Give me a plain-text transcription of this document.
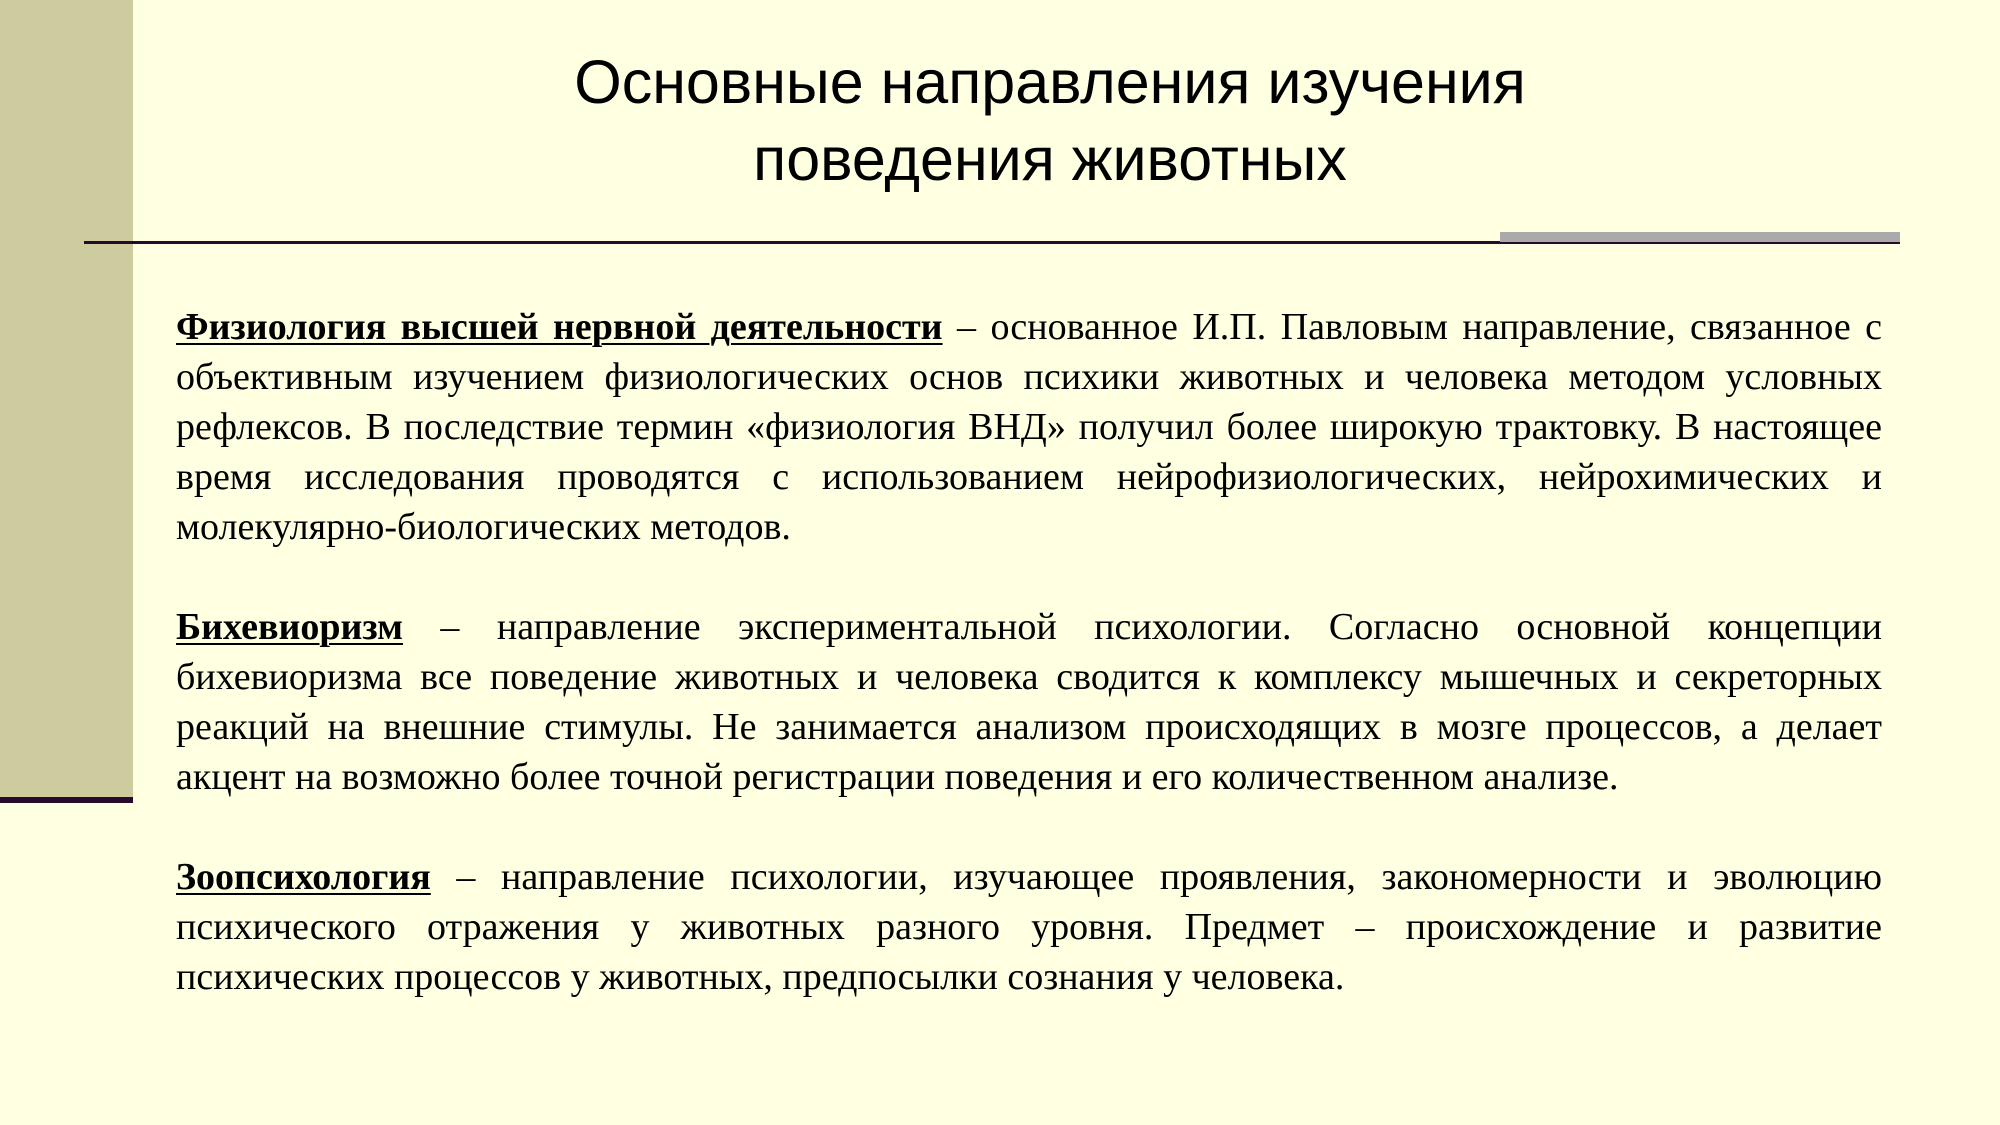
Основные направления изучения
поведения животных

Физиология высшей нервной деятельности – основанное И.П. Павловым направление, связанное с объективным изучением физиологических основ психики животных и человека методом условных рефлексов. В последствие термин «физиология ВНД» получил более широкую трактовку. В настоящее время исследования проводятся с использованием нейрофизиологических, нейрохимических и молекулярно-биологических методов.

Бихевиоризм – направление экспериментальной психологии. Согласно основной концепции бихевиоризма все поведение животных и человека сводится к комплексу мышечных и секреторных реакций на внешние стимулы. Не занимается анализом происходящих в мозге процессов, а делает акцент на возможно более точной регистрации поведения и его количественном анализе.

Зоопсихология – направление психологии, изучающее проявления, закономерности и эволюцию психического отражения у животных разного уровня. Предмет – происхождение и развитие психических процессов у животных, предпосылки сознания у человека.
